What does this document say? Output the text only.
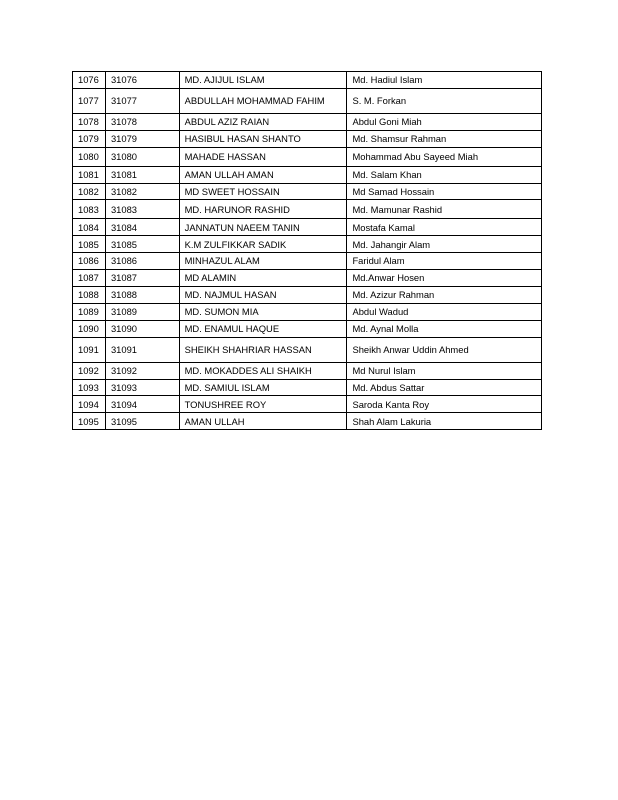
1076	31076	MD. AJIJUL ISLAM	Md. Hadiul Islam
1077	31077	ABDULLAH MOHAMMAD FAHIM	S. M. Forkan
1078	31078	ABDUL AZIZ RAIAN	Abdul Goni Miah
1079	31079	HASIBUL HASAN SHANTO	Md. Shamsur Rahman
1080	31080	MAHADE HASSAN	Mohammad Abu Sayeed Miah
1081	31081	AMAN ULLAH AMAN	Md. Salam Khan
1082	31082	MD SWEET HOSSAIN	Md Samad Hossain
1083	31083	MD. HARUNOR RASHID	Md. Mamunar Rashid
1084	31084	JANNATUN NAEEM TANIN	Mostafa Kamal
1085	31085	K.M ZULFIKKAR SADIK	Md. Jahangir Alam
1086	31086	MINHAZUL ALAM	Faridul Alam
1087	31087	MD ALAMIN	Md.Anwar Hosen
1088	31088	MD. NAJMUL HASAN	Md. Azizur Rahman
1089	31089	MD. SUMON MIA	Abdul Wadud
1090	31090	MD. ENAMUL HAQUE	Md. Aynal Molla
1091	31091	SHEIKH SHAHRIAR HASSAN	Sheikh Anwar Uddin Ahmed
1092	31092	MD. MOKADDES ALI SHAIKH	Md Nurul Islam
1093	31093	MD. SAMIUL ISLAM	Md. Abdus Sattar
1094	31094	TONUSHREE ROY	Saroda Kanta Roy
1095	31095	AMAN ULLAH	Shah Alam Lakuria
